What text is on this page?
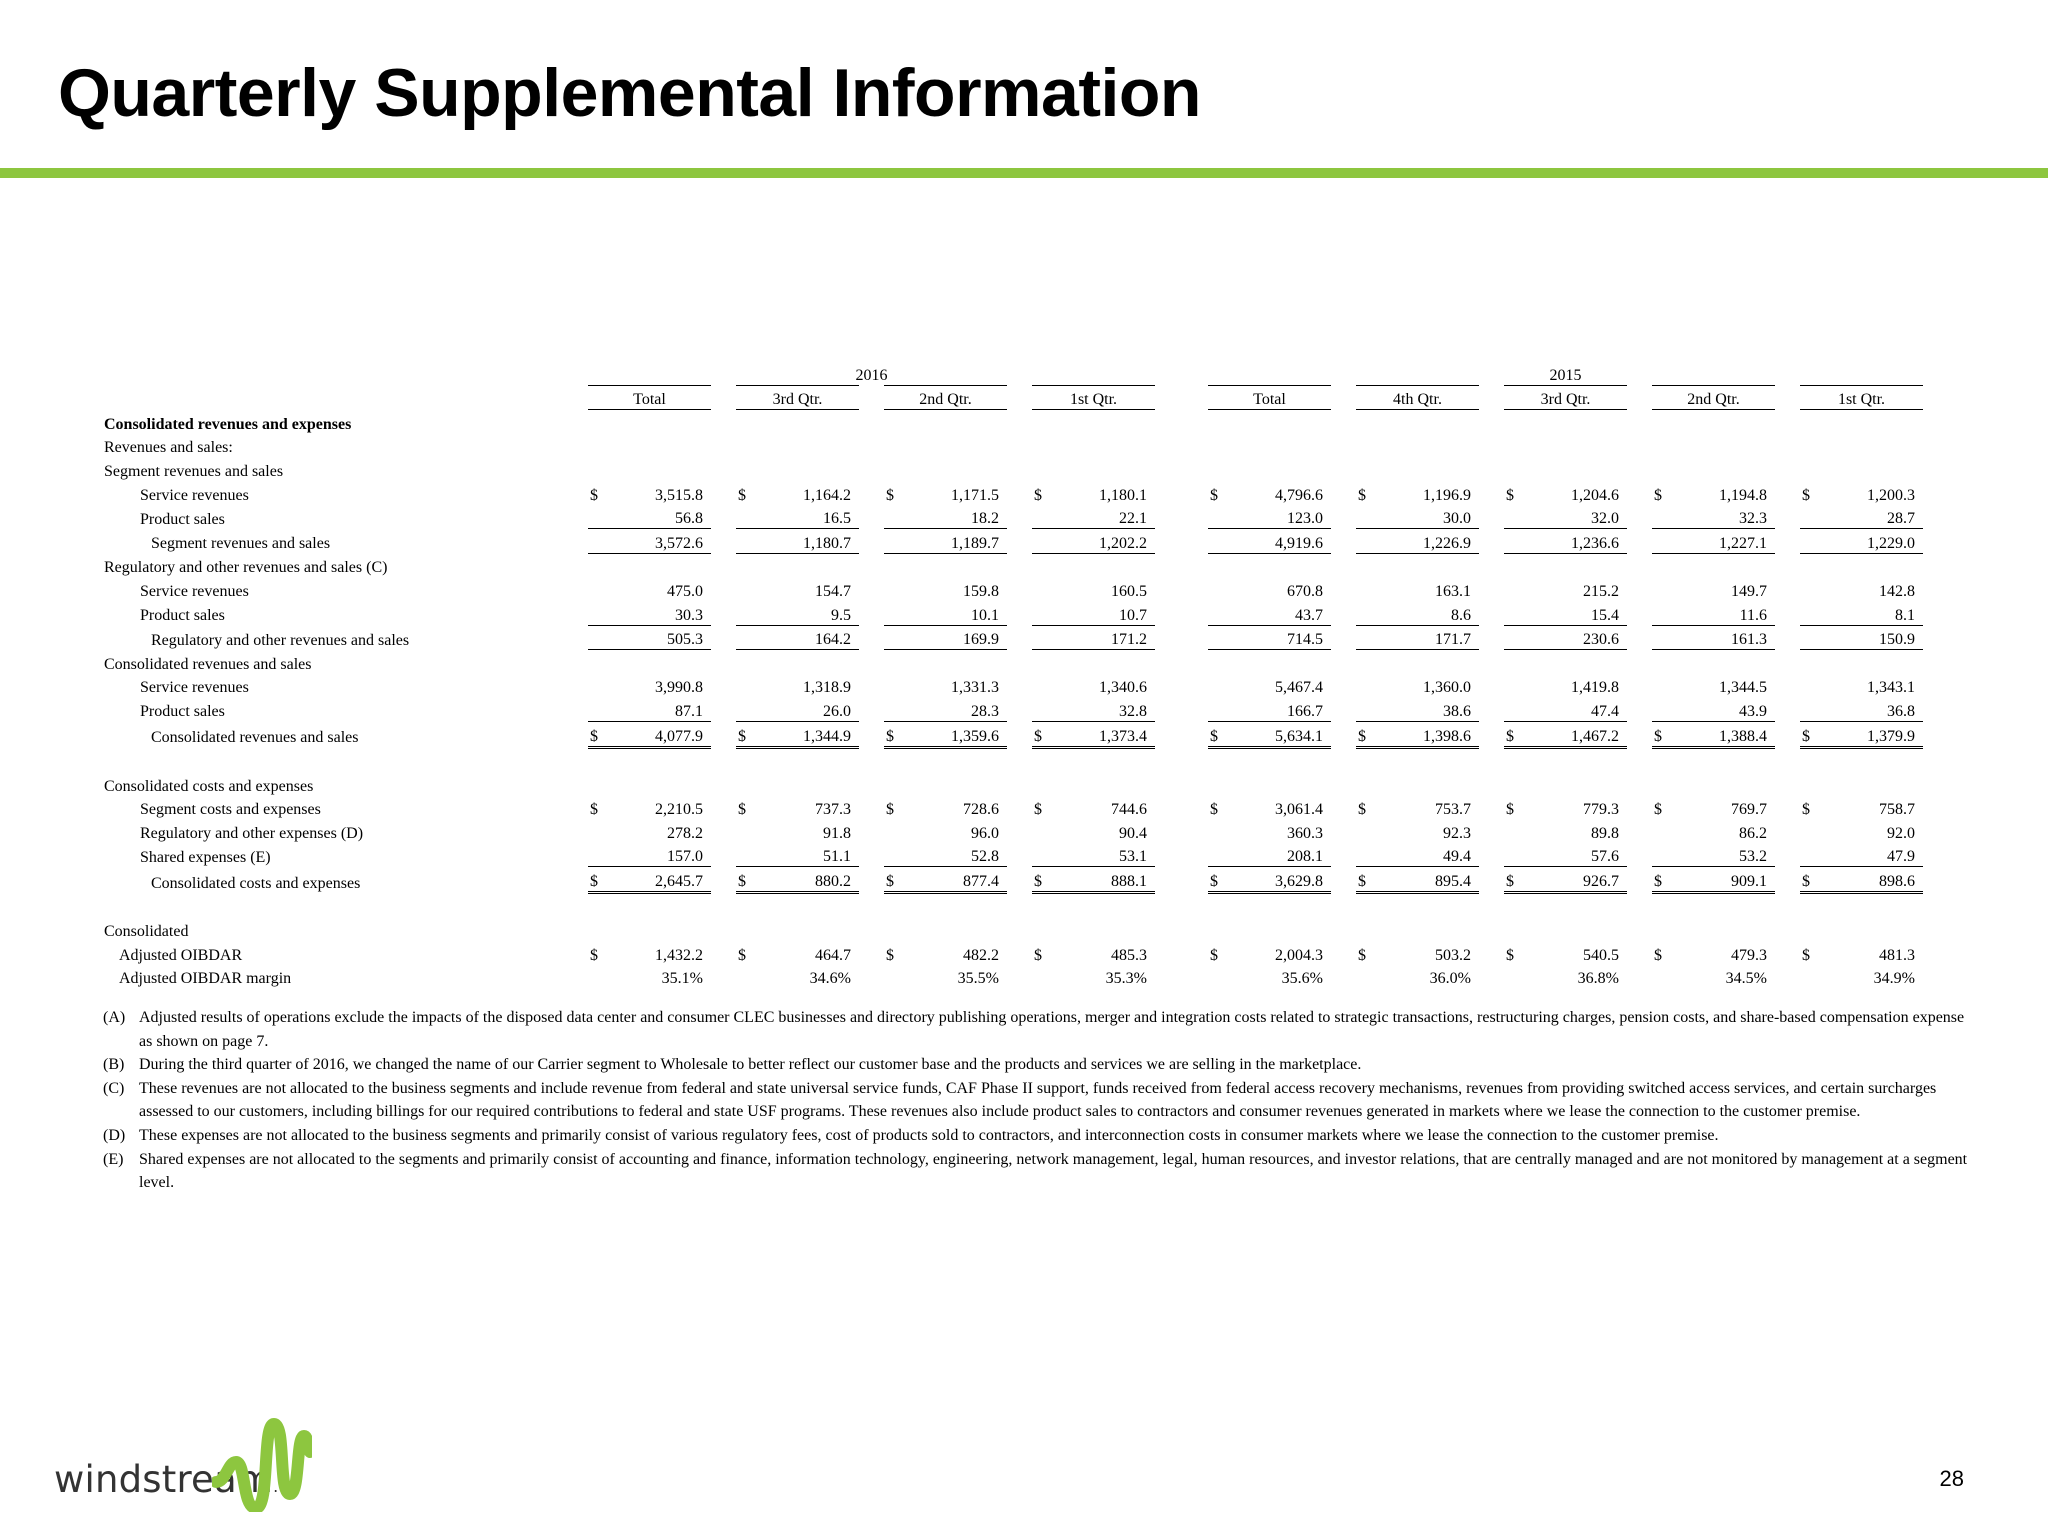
Quarterly Supplemental Information
	2016												2015													
	Total			3rd Qtr.			2nd Qtr.			1st Qtr.			Total			4th Qtr.			3rd Qtr.			2nd Qtr.			1st Qtr.	
Consolidated revenues and expenses																										
Revenues and sales:																										
Segment revenues and sales																										
Service revenues	$	3,515.8		$	1,164.2		$	1,171.5		$	1,180.1		$	4,796.6		$	1,196.9		$	1,204.6		$	1,194.8		$	1,200.3
Product sales		56.8			16.5			18.2			22.1			123.0			30.0			32.0			32.3			28.7
Segment revenues and sales		3,572.6			1,180.7			1,189.7			1,202.2			4,919.6			1,226.9			1,236.6			1,227.1			1,229.0
Regulatory and other revenues and sales (C)																										
Service revenues		475.0			154.7			159.8			160.5			670.8			163.1			215.2			149.7			142.8
Product sales		30.3			9.5			10.1			10.7			43.7			8.6			15.4			11.6			8.1
Regulatory and other revenues and sales		505.3			164.2			169.9			171.2			714.5			171.7			230.6			161.3			150.9
Consolidated revenues and sales																										
Service revenues		3,990.8			1,318.9			1,331.3			1,340.6			5,467.4			1,360.0			1,419.8			1,344.5			1,343.1
Product sales		87.1			26.0			28.3			32.8			166.7			38.6			47.4			43.9			36.8
Consolidated revenues and sales	$	4,077.9		$	1,344.9		$	1,359.6		$	1,373.4		$	5,634.1		$	1,398.6		$	1,467.2		$	1,388.4		$	1,379.9

Consolidated costs and expenses																										
Segment costs and expenses	$	2,210.5		$	737.3		$	728.6		$	744.6		$	3,061.4		$	753.7		$	779.3		$	769.7		$	758.7
Regulatory and other expenses (D)		278.2			91.8			96.0			90.4			360.3			92.3			89.8			86.2			92.0
Shared expenses (E)		157.0			51.1			52.8			53.1			208.1			49.4			57.6			53.2			47.9
Consolidated costs and expenses	$	2,645.7		$	880.2		$	877.4		$	888.1		$	3,629.8		$	895.4		$	926.7		$	909.1		$	898.6

Consolidated																										
Adjusted OIBDAR	$	1,432.2		$	464.7		$	482.2		$	485.3		$	2,004.3		$	503.2		$	540.5		$	479.3		$	481.3
Adjusted OIBDAR margin		35.1%			34.6%			35.5%			35.3%			35.6%			36.0%			36.8%			34.5%			34.9%
(A) Adjusted results of operations exclude the impacts of the disposed data center and consumer CLEC businesses and directory publishing operations, merger and integration costs related to strategic transactions, restructuring charges, pension costs, and share-based compensation expense as shown on page 7.
(B) During the third quarter of 2016, we changed the name of our Carrier segment to Wholesale to better reflect our customer base and the products and services we are selling in the marketplace.
(C) These revenues are not allocated to the business segments and include revenue from federal and state universal service funds, CAF Phase II support, funds received from federal access recovery mechanisms, revenues from providing switched access services, and certain surcharges assessed to our customers, including billings for our required contributions to federal and state USF programs. These revenues also include product sales to contractors and consumer revenues generated in markets where we lease the connection to the customer premise.
(D) These expenses are not allocated to the business segments and primarily consist of various regulatory fees, cost of products sold to contractors, and interconnection costs in consumer markets where we lease the connection to the customer premise.
(E) Shared expenses are not allocated to the segments and primarily consist of accounting and finance, information technology, engineering, network management, legal, human resources, and investor relations, that are centrally managed and are not monitored by management at a segment level.
windstream.	28
